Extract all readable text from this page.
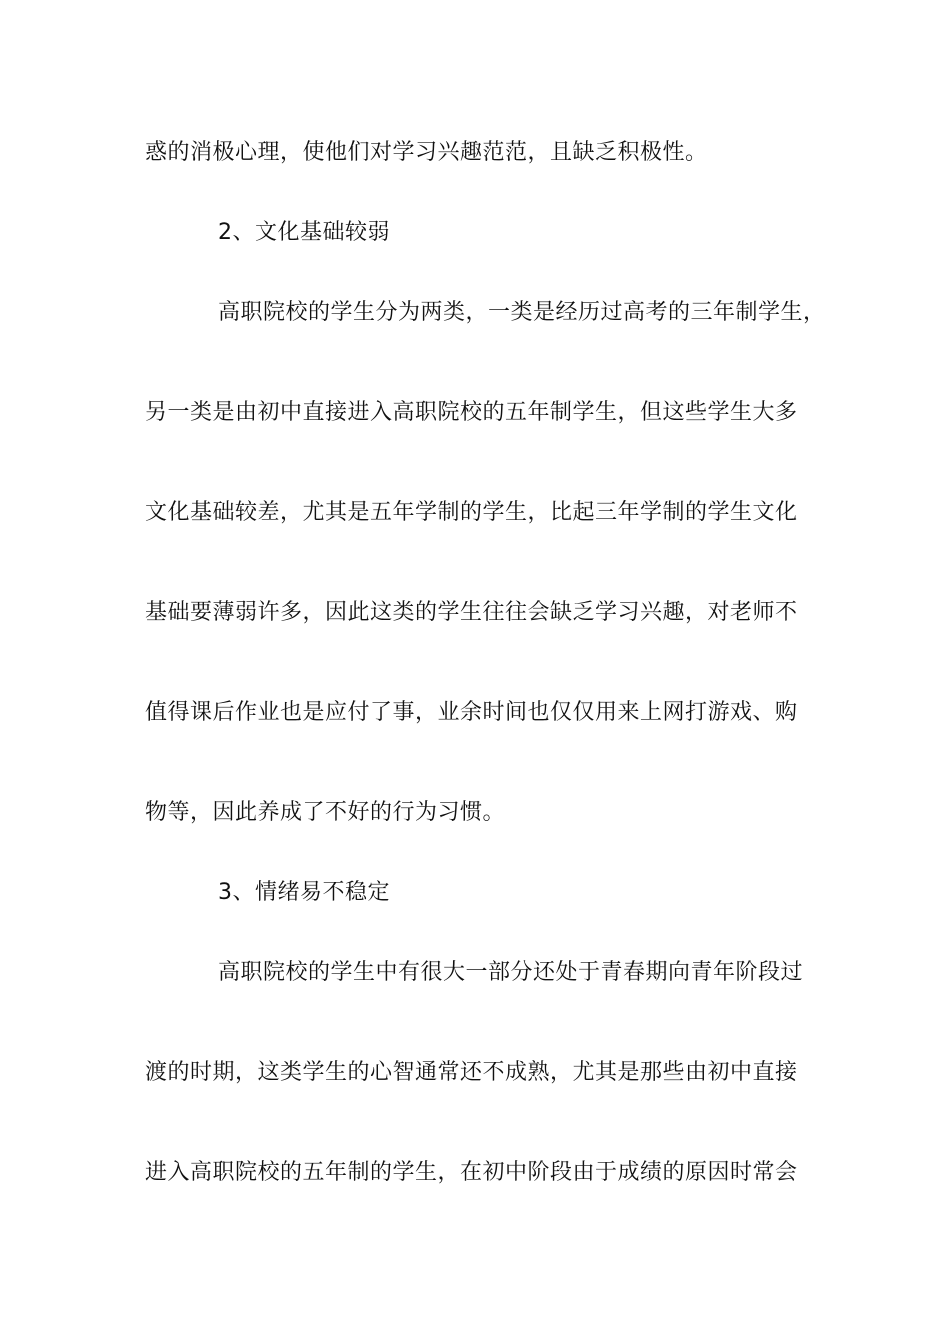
惑的消极心理，使他们对学习兴趣范范，且缺乏积极性。
2、文化基础较弱
高职院校的学生分为两类，一类是经历过高考的三年制学生，
另一类是由初中直接进入高职院校的五年制学生，但这些学生大多
文化基础较差，尤其是五年学制的学生，比起三年学制的学生文化
基础要薄弱许多，因此这类的学生往往会缺乏学习兴趣，对老师不
值得课后作业也是应付了事，业余时间也仅仅用来上网打游戏、购
物等，因此养成了不好的行为习惯。
3、情绪易不稳定
高职院校的学生中有很大一部分还处于青春期向青年阶段过
渡的时期，这类学生的心智通常还不成熟，尤其是那些由初中直接
进入高职院校的五年制的学生，在初中阶段由于成绩的原因时常会
